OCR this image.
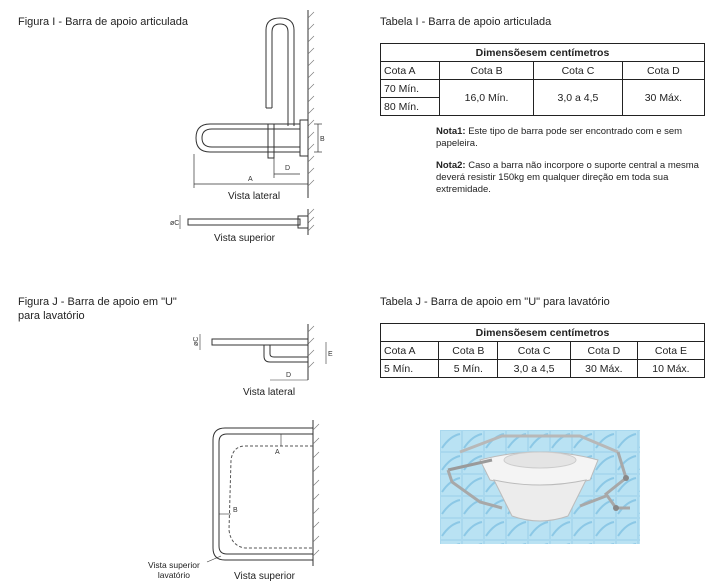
Figura I - Barra de apoio articulada
B
D
A
Vista lateral
øC
Vista superior
Tabela I - Barra de apoio articulada
Dimensõesem centímetros			
Cota A	Cota B	Cota C	Cota D
70 Mín.	16,0 Mín.	3,0 a 4,5	30 Máx.
80 Mín.			
Nota1: Este tipo de barra pode ser encontrado com e sem papeleira.
Nota2: Caso a barra não incorpore o suporte central a mesma deverá resistir 150kg em qualquer direção em toda sua extremidade.
Figura J - Barra de apoio em "U"
para lavatório
øC
E
D
Vista lateral
A
B
Vista superior
lavatório	Vista superior
Tabela J - Barra de apoio em "U" para lavatório
Dimensõesem centímetros				
Cota A	Cota B	Cota C	Cota D	Cota E
5 Mín.	5 Mín.	3,0 a 4,5	30 Máx.	10 Máx.
